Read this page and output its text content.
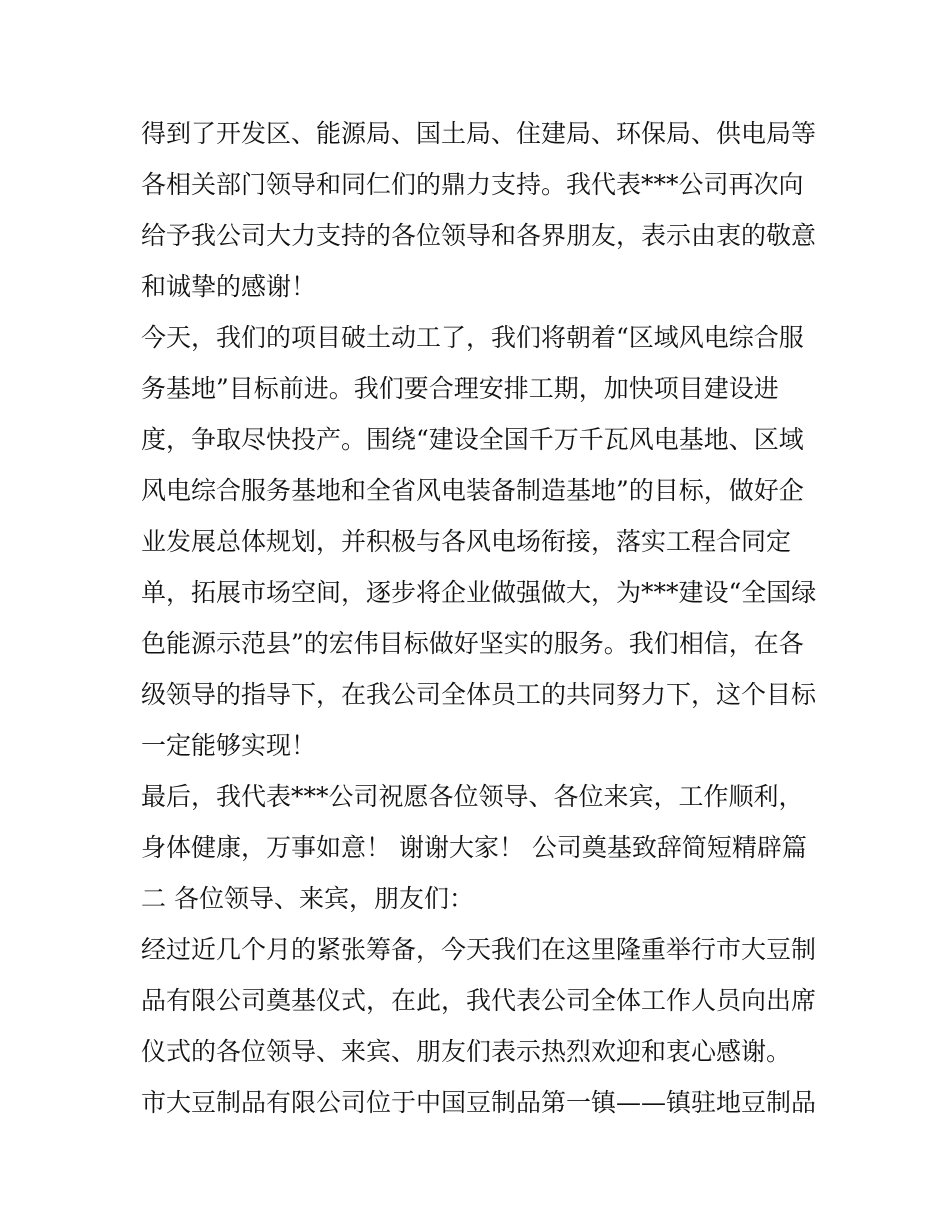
得到了开发区、能源局、国土局、住建局、环保局、供电局等
各相关部门领导和同仁们的鼎力支持。我代表***公司再次向
给予我公司大力支持的各位领导和各界朋友，表示由衷的敬意
和诚挚的感谢！
今天，我们的项目破土动工了，我们将朝着“区域风电综合服
务基地”目标前进。我们要合理安排工期，加快项目建设进
度，争取尽快投产。围绕“建设全国千万千瓦风电基地、区域
风电综合服务基地和全省风电装备制造基地”的目标，做好企
业发展总体规划，并积极与各风电场衔接，落实工程合同定
单，拓展市场空间，逐步将企业做强做大，为***建设“全国绿
色能源示范县”的宏伟目标做好坚实的服务。我们相信，在各
级领导的指导下，在我公司全体员工的共同努力下，这个目标
一定能够实现！
最后，我代表***公司祝愿各位领导、各位来宾，工作顺利，
身体健康，万事如意！ 谢谢大家！ 公司奠基致辞简短精辟篇
二 各位领导、来宾，朋友们：
经过近几个月的紧张筹备，今天我们在这里隆重举行市大豆制
品有限公司奠基仪式，在此，我代表公司全体工作人员向出席
仪式的各位领导、来宾、朋友们表示热烈欢迎和衷心感谢。
市大豆制品有限公司位于中国豆制品第一镇——镇驻地豆制品
